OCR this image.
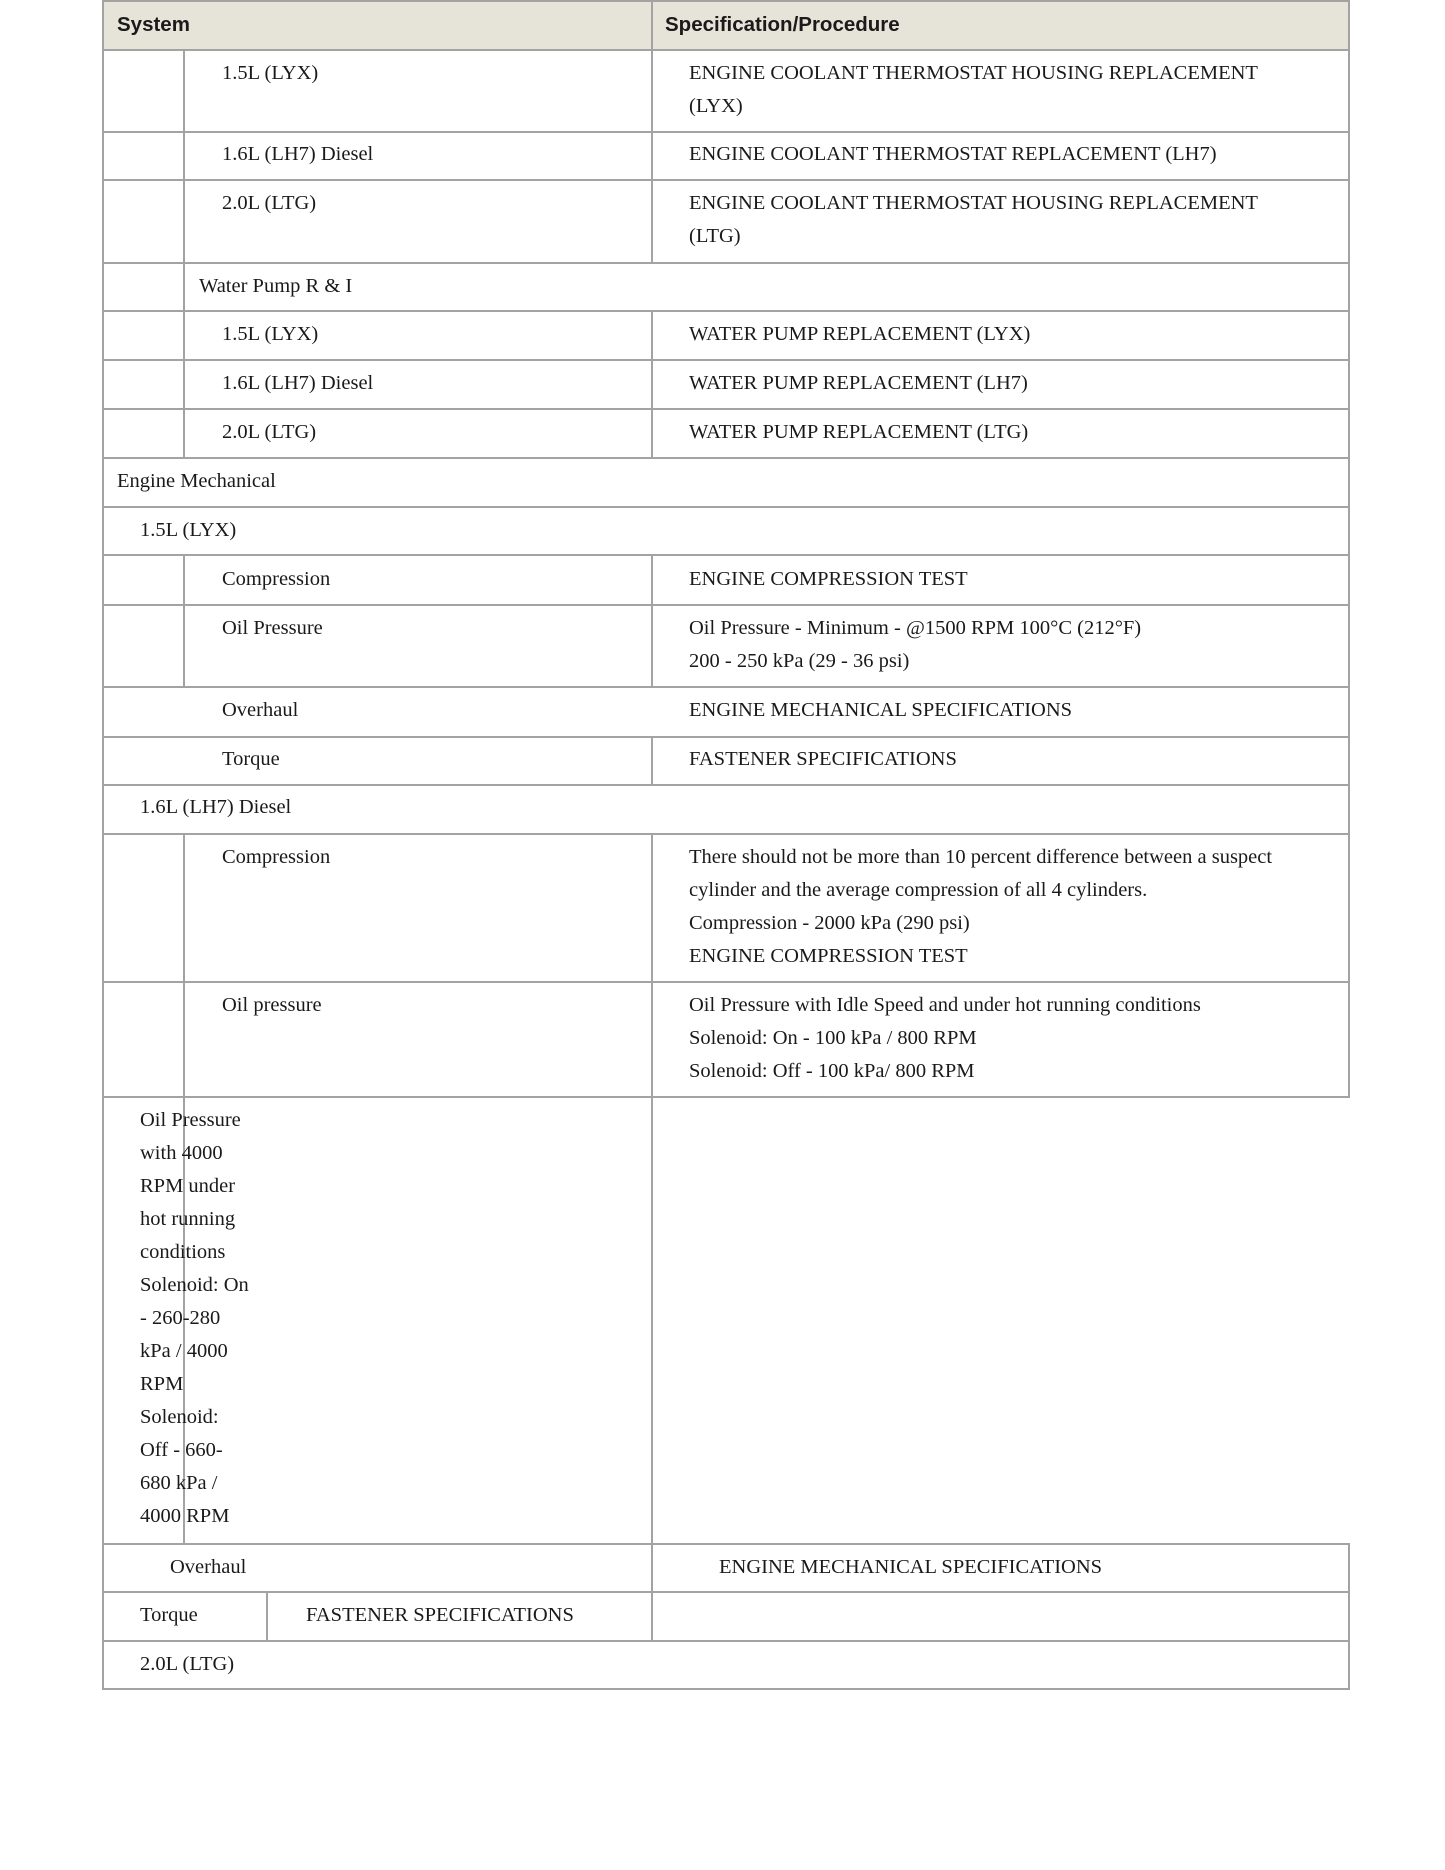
System	Specification/Procedure
1.5L (LYX)	ENGINE COOLANT THERMOSTAT HOUSING REPLACEMENT
(LYX)
1.6L (LH7) Diesel	ENGINE COOLANT THERMOSTAT REPLACEMENT (LH7)
2.0L (LTG)	ENGINE COOLANT THERMOSTAT HOUSING REPLACEMENT
(LTG)
Water Pump R & I
1.5L (LYX)	WATER PUMP REPLACEMENT (LYX)
1.6L (LH7) Diesel	WATER PUMP REPLACEMENT (LH7)
2.0L (LTG)	WATER PUMP REPLACEMENT (LTG)
Engine Mechanical
1.5L (LYX)
Compression	ENGINE COMPRESSION TEST
Oil Pressure	Oil Pressure - Minimum - @1500 RPM 100°C (212°F)
200 - 250 kPa (29 - 36 psi)
Overhaul	ENGINE MECHANICAL SPECIFICATIONS
Torque	FASTENER SPECIFICATIONS
1.6L (LH7) Diesel
Compression	There should not be more than 10 percent difference between a suspect
cylinder and the average compression of all 4 cylinders.
Compression - 2000 kPa (290 psi)
ENGINE COMPRESSION TEST
Oil pressure	Oil Pressure with Idle Speed and under hot running conditions
Solenoid: On - 100 kPa / 800 RPM
Solenoid: Off - 100 kPa/ 800 RPM
Oil Pressure
with 4000
RPM under
hot running
conditions
Solenoid: On
- 260-280
kPa / 4000
RPM
Solenoid:
Off - 660-
680 kPa /
4000 RPM
Overhaul	ENGINE MECHANICAL SPECIFICATIONS
Torque	FASTENER SPECIFICATIONS
2.0L (LTG)
